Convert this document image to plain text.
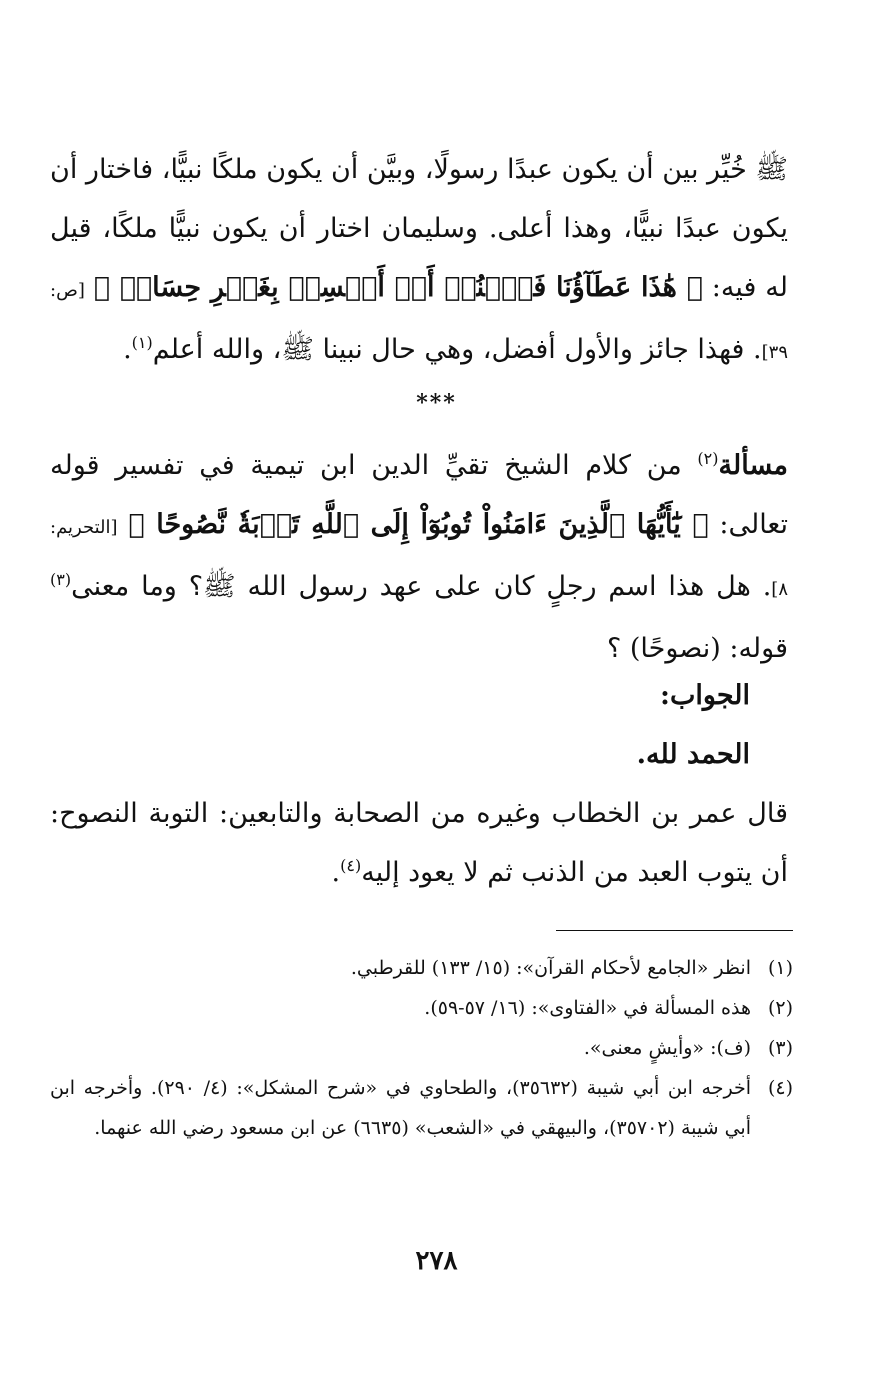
ﷺ خُيِّر بين أن يكون عبدًا رسولًا، وبيَّن أن يكون ملكًا نبيًّا، فاختار أن يكون عبدًا نبيًّا، وهذا أعلى. وسليمان اختار أن يكون نبيًّا ملكًا، قيل له فيه: ﴿ هَٰذَا عَطَآؤُنَا فَٱمۡنُنۡ أَوۡ أَمۡسِكۡ بِغَيۡرِ حِسَابٖ ﴾ [ص: ٣٩]. فهذا جائز والأول أفضل، وهي حال نبينا ﷺ، والله أعلم$^{(١)}$.
***
مسألة$^{(٢)}$ من كلام الشيخ تقيِّ الدين ابن تيمية في تفسير قوله تعالى: ﴿ يَٰٓأَيُّهَا ٱلَّذِينَ ءَامَنُواْ تُوبُوٓاْ إِلَى ٱللَّهِ تَوۡبَةٗ نَّصُوحًا ﴾ [التحريم: ٨]. هل هذا اسم رجلٍ كان على عهد رسول الله ﷺ؟ وما معنى$^{(٣)}$ قوله: (نصوحًا) ؟
الجواب:
الحمد لله.
قال عمر بن الخطاب وغيره من الصحابة والتابعين: التوبة النصوح: أن يتوب العبد من الذنب ثم لا يعود إليه$^{(٤)}$.
(١)
انظر «الجامع لأحكام القرآن»: (١٥/ ١٣٣) للقرطبي.
(٢)
هذه المسألة في «الفتاوى»: (١٦/ ٥٧-٥٩).
(٣)
(ف): «وأيشٍ معنى».
(٤)
أخرجه ابن أبي شيبة (٣٥٦٣٢)، والطحاوي في «شرح المشكل»: (٤/ ٢٩٠). وأخرجه ابن أبي شيبة (٣٥٧٠٢)، والبيهقي في «الشعب» (٦٦٣٥) عن ابن مسعود رضي الله عنهما.
٢٧٨
